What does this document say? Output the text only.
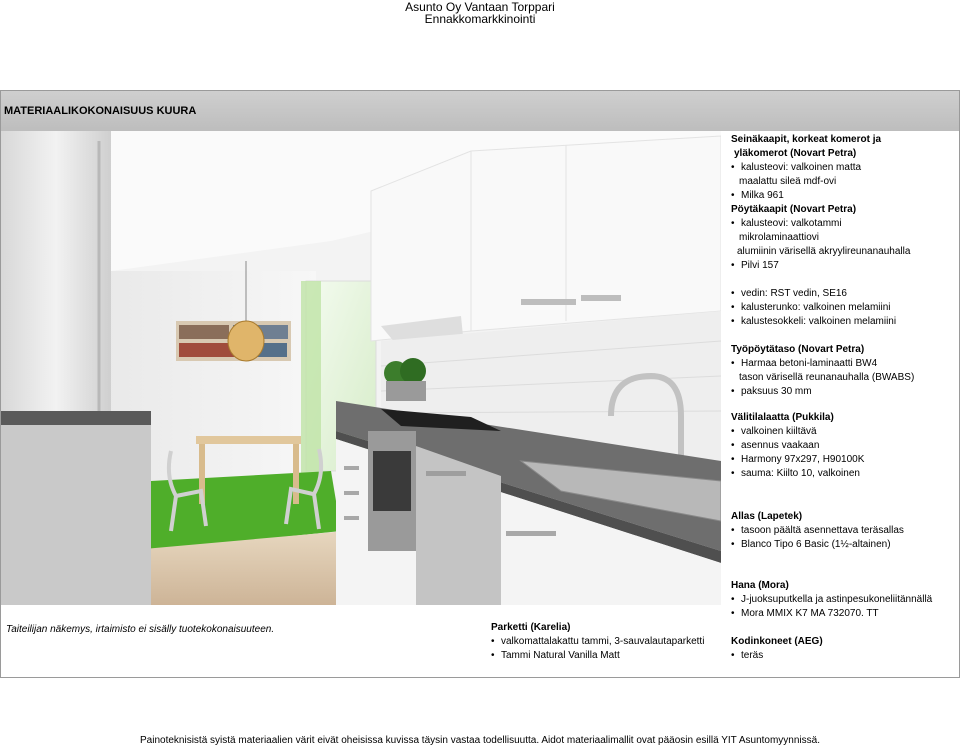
Asunto Oy Vantaan Torppari
Ennakkomarkkinointi
MATERIAALIKOKONAISUUS KUURA
Seinäkaapit, korkeat komerot ja
yläkomerot (Novart Petra)
• kalusteovi: valkoinen matta
maalattu sileä mdf-ovi
• Milka 961
Pöytäkaapit (Novart Petra)
• kalusteovi: valkotammi
mikrolaminaattiovi
alumiinin värisellä akryylireunanauhalla
• Pilvi 157
• vedin: RST vedin, SE16
• kalusterunko: valkoinen melamiini
• kalustesokkeli: valkoinen melamiini
Työpöytätaso (Novart Petra)
• Harmaa betoni-laminaatti BW4
tason värisellä reunanauhalla (BWABS)
• paksuus 30 mm
Välitilalaatta (Pukkila)
• valkoinen kiiltävä
• asennus vaakaan
• Harmony 97x297, H90100K
• sauma: Kiilto 10, valkoinen
Allas (Lapetek)
• tasoon päältä asennettava teräsallas
• Blanco Tipo 6 Basic (1½-altainen)
Hana (Mora)
• J-juoksuputkella ja astinpesukoneliitännällä
• Mora MMIX K7 MA 732070. TT
Kodinkoneet (AEG)
• teräs
Taiteilijan näkemys, irtaimisto ei sisälly tuotekokonaisuuteen.	Parketti (Karelia)
• valkomattalakattu tammi, 3-sauvalautaparketti
• Tammi Natural Vanilla Matt
Painoteknisistä syistä materiaalien värit eivät oheisissa kuvissa täysin vastaa todellisuutta. Aidot materiaalimallit ovat pääosin esillä YIT Asuntomyynnissä.
